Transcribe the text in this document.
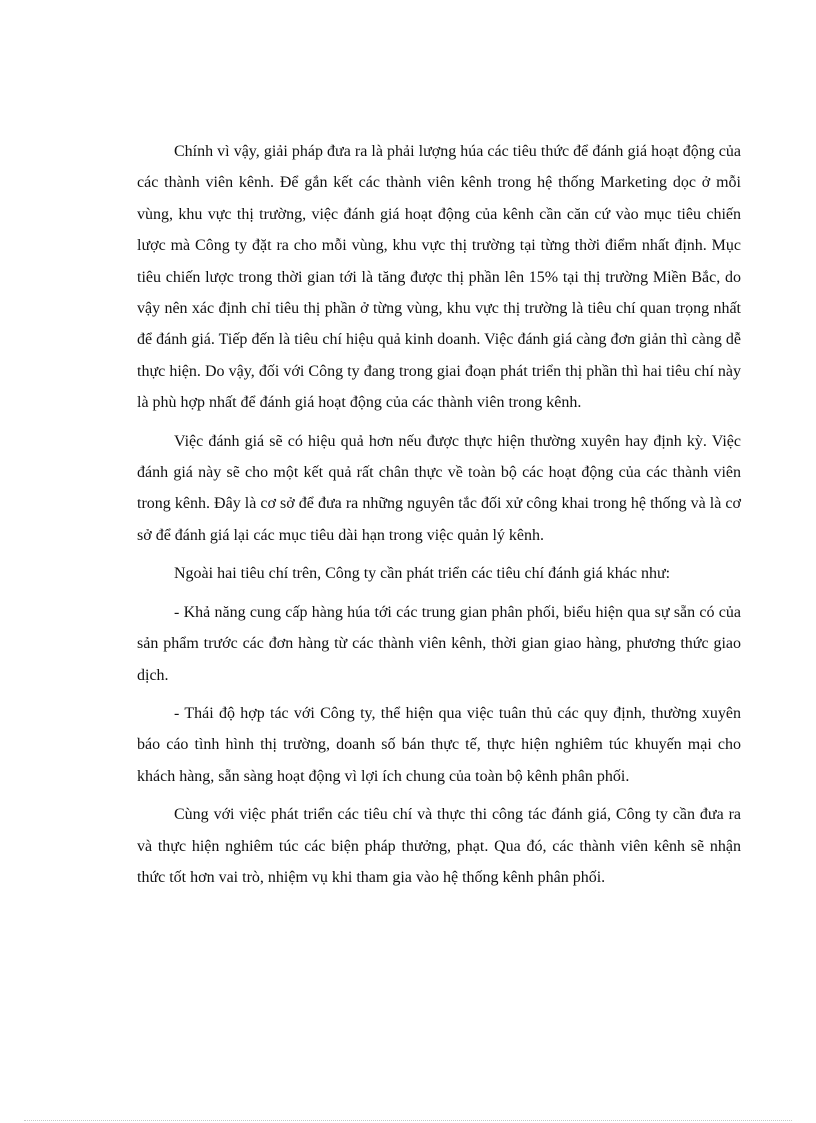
Chính vì vậy, giải pháp đưa ra là phải lượng húa các tiêu thức để đánh giá hoạt động của các thành viên kênh. Để gắn kết các thành viên kênh trong hệ thống Marketing dọc ở mỗi vùng, khu vực thị trường, việc đánh giá hoạt động của kênh cần căn cứ vào mục tiêu chiến lược mà Công ty đặt ra cho mỗi vùng, khu vực thị trường tại từng thời điểm nhất định. Mục tiêu chiến lược trong thời gian tới là tăng được thị phần lên 15% tại thị trường Miền Bắc, do vậy nên xác định chỉ tiêu thị phần ở từng vùng, khu vực thị trường là tiêu chí quan trọng nhất để đánh giá. Tiếp đến là tiêu chí hiệu quả kinh doanh. Việc đánh giá càng đơn giản thì càng dễ thực hiện. Do vậy, đối với Công ty đang trong giai đoạn phát triển thị phần thì hai tiêu chí này là phù hợp nhất để đánh giá hoạt động của các thành viên trong kênh.

Việc đánh giá sẽ có hiệu quả hơn nếu được thực hiện thường xuyên hay định kỳ. Việc đánh giá này sẽ cho một kết quả rất chân thực về toàn bộ các hoạt động của các thành viên trong kênh. Đây là cơ sở để đưa ra những nguyên tắc đối xử công khai trong hệ thống và là cơ sở để đánh giá lại các mục tiêu dài hạn trong việc quản lý kênh.

Ngoài hai tiêu chí trên, Công ty cần phát triển các tiêu chí đánh giá khác như:

- Khả năng cung cấp hàng húa tới các trung gian phân phối, biểu hiện qua sự sẵn có của sản phẩm trước các đơn hàng từ các thành viên kênh, thời gian giao hàng, phương thức giao dịch.

- Thái độ hợp tác với Công ty, thể hiện qua việc tuân thủ các quy định, thường xuyên báo cáo tình hình thị trường, doanh số bán thực tế, thực hiện nghiêm túc khuyến mại cho khách hàng, sẵn sàng hoạt động vì lợi ích chung của toàn bộ kênh phân phối.

Cùng với việc phát triển các tiêu chí và thực thi công tác đánh giá, Công ty cần đưa ra và thực hiện nghiêm túc các biện pháp thưởng, phạt. Qua đó, các thành viên kênh sẽ nhận thức tốt hơn vai trò, nhiệm vụ khi tham gia vào hệ thống kênh phân phối.
